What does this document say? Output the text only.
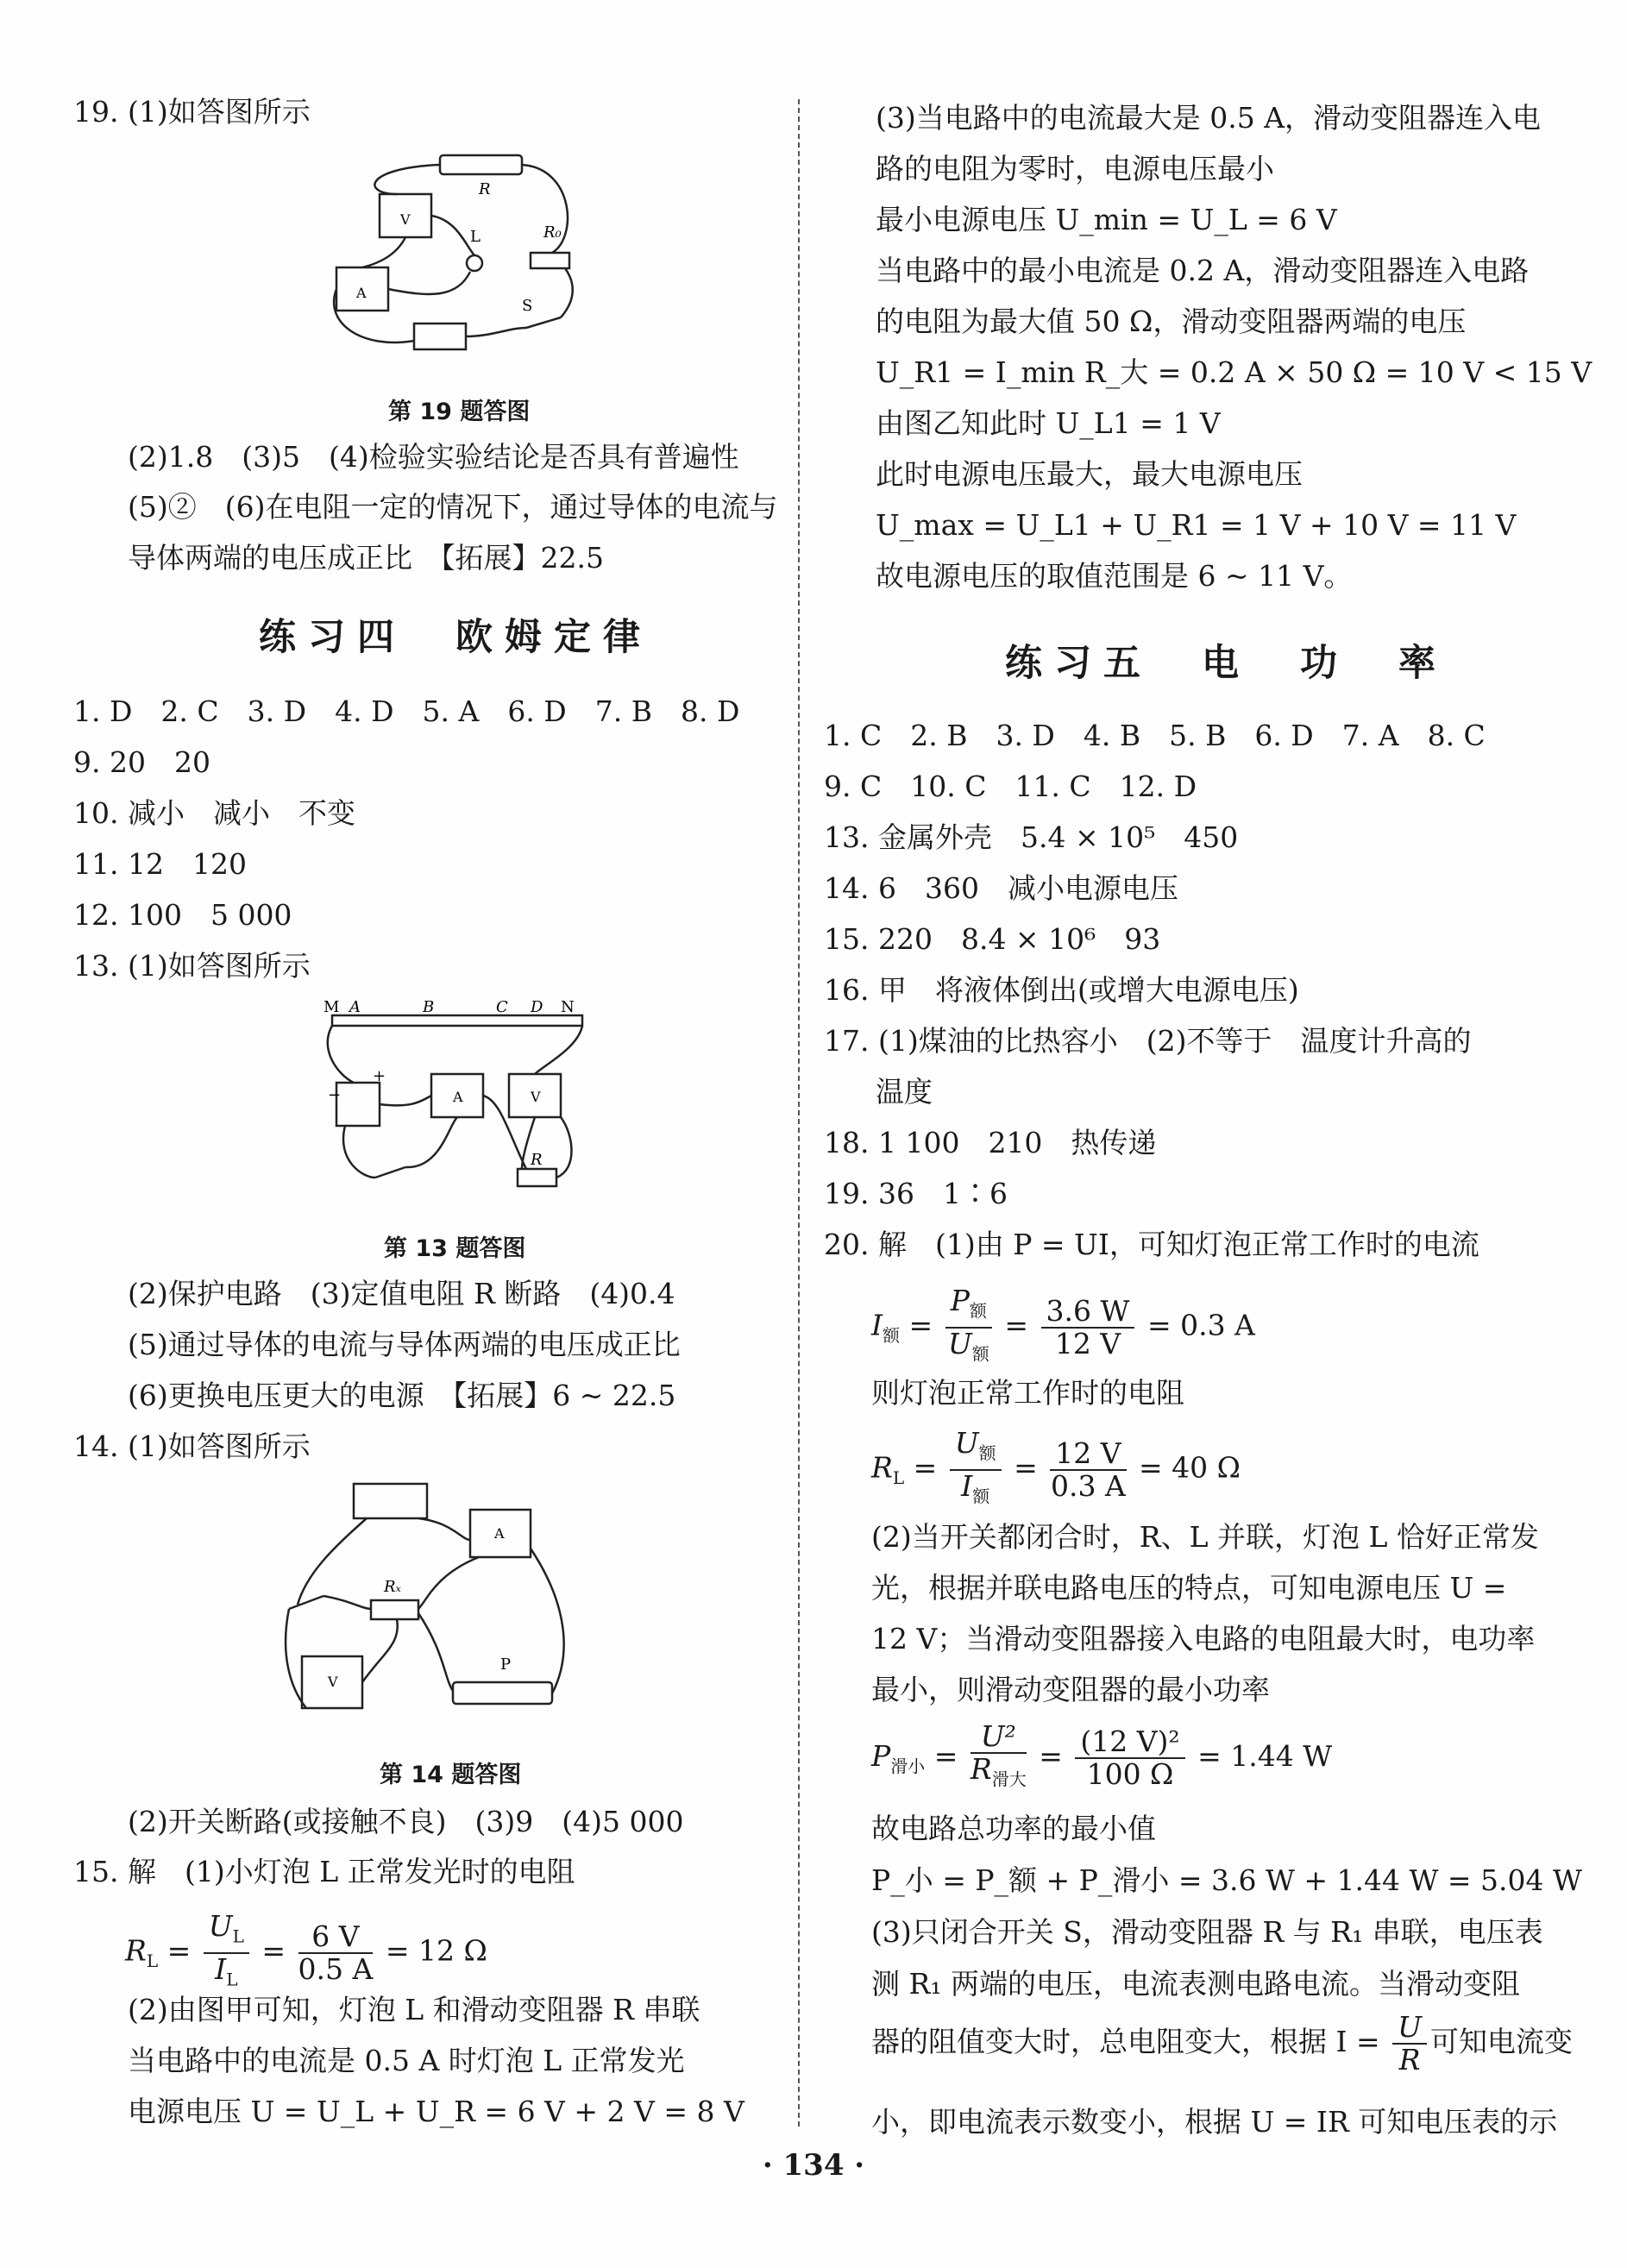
19. (1)如答图所示
R
V
L	R₀
A
S
第 19 题答图
(2)1.8　(3)5　(4)检验实验结论是否具有普遍性
(5)②　(6)在电阻一定的情况下，通过导体的电流与
导体两端的电压成正比　【拓展】22.5
练习四　欧姆定律
1. D　2. C　3. D　4. D　5. A　6. D　7. B　8. D
9. 20　20
10. 减小　减小　不变
11. 12　120
12. 100　5 000
13. (1)如答图所示
M A	B	C D N
+
−	A	V
R
第 13 题答图
(2)保护电路　(3)定值电阻 R 断路　(4)0.4
(5)通过导体的电流与导体两端的电压成正比
(6)更换电压更大的电源　【拓展】6 ~ 22.5
14. (1)如答图所示
A
Rₓ
P
V
第 14 题答图
(2)开关断路(或接触不良)　(3)9　(4)5 000
15. 解　(1)小灯泡 L 正常发光时的电阻
$R_L = \frac{U_L}{I_L} = \frac{6 V}{0.5 A} = 12$ Ω
(2)由图甲可知，灯泡 L 和滑动变阻器 R 串联
当电路中的电流是 0.5 A 时灯泡 L 正常发光
电源电压 U = U_L + U_R = 6 V + 2 V = 8 V
(3)当电路中的电流最大是 0.5 A，滑动变阻器连入电
路的电阻为零时，电源电压最小
最小电源电压 U_min = U_L = 6 V
当电路中的最小电流是 0.2 A，滑动变阻器连入电路
的电阻为最大值 50 Ω，滑动变阻器两端的电压
U_R1 = I_min R_大 = 0.2 A × 50 Ω = 10 V < 15 V
由图乙知此时 U_L1 = 1 V
此时电源电压最大，最大电源电压
U_max = U_L1 + U_R1 = 1 V + 10 V = 11 V
故电源电压的取值范围是 6 ~ 11 V。
练习五　电　功　率
1. C　2. B　3. D　4. B　5. B　6. D　7. A　8. C
9. C　10. C　11. C　12. D
13. 金属外壳　5.4 × 10⁵　450
14. 6　360　减小电源电压
15. 220　8.4 × 10⁶　93
16. 甲　将液体倒出(或增大电源电压)
17. (1)煤油的比热容小　(2)不等于　温度计升高的
温度
18. 1 100　210　热传递
19. 36　1∶6
20. 解　(1)由 P = UI，可知灯泡正常工作时的电流
$I_额 = \frac{P_额}{U_额} = \frac{3.6 W}{12 V} = 0.3$ A
则灯泡正常工作时的电阻
$R_L = \frac{U_额}{I_额} = \frac{12 V}{0.3 A} = 40$ Ω
(2)当开关都闭合时，R、L 并联，灯泡 L 恰好正常发
光，根据并联电路电压的特点，可知电源电压 U =
12 V；当滑动变阻器接入电路的电阻最大时，电功率
最小，则滑动变阻器的最小功率
$P_{滑小} = \frac{\text{U²}}{R_{滑大}} = \frac{\text{(12 V)²}}{100 \Omega} = 1.44$ W
故电路总功率的最小值
P_小 = P_额 + P_滑小 = 3.6 W + 1.44 W = 5.04 W
(3)只闭合开关 S，滑动变阻器 R 与 R₁ 串联，电压表
测 R₁ 两端的电压，电流表测电路电流。当滑动变阻
器的阻值变大时，总电阻变大，根据 $I = \frac{U}{R}$ 可知电流变
小，即电流表示数变小，根据 U = IR 可知电压表的示
· 134 ·
